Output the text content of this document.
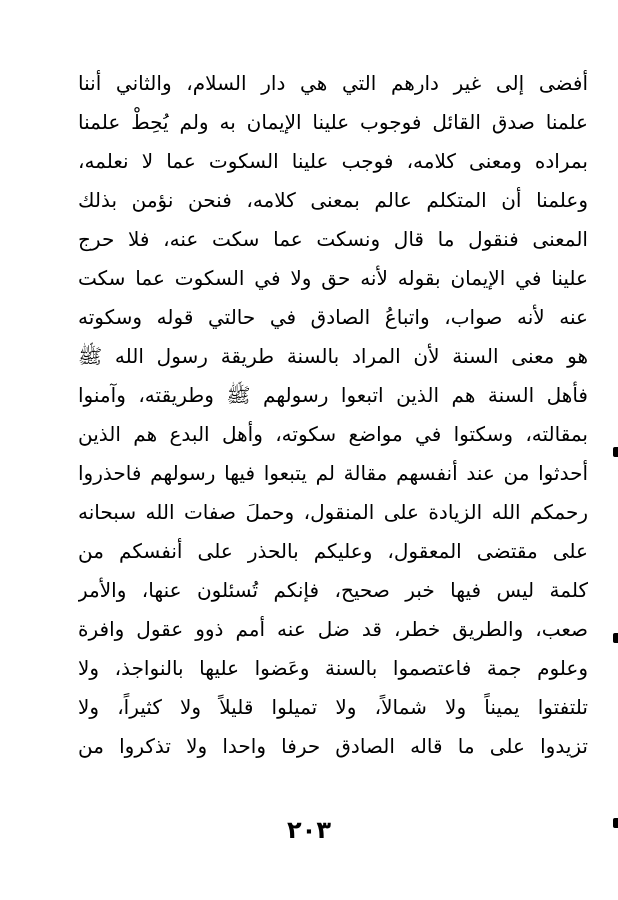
أفضى إلى غير دارهم التي هي دار السلام، والثاني أننا
علمنا صدق القائل فوجوب علينا الإيمان به ولم يُحِطْ علمنا
بمراده ومعنى كلامه، فوجب علينا السكوت عما لا نعلمه،
وعلمنا أن المتكلم عالم بمعنى كلامه، فنحن نؤمن بذلك
المعنى فنقول ما قال ونسكت عما سكت عنه، فلا حرج
علينا في الإيمان بقوله لأنه حق ولا في السكوت عما سكت
عنه لأنه صواب، واتباعُ الصادق في حالتي قوله وسكوته
هو معنى السنة لأن المراد بالسنة طريقة رسول الله ﷺ
فأهل السنة هم الذين اتبعوا رسولهم ﷺ وطريقته، وآمنوا
بمقالته، وسكتوا في مواضع سكوته، وأهل البدع هم الذين
أحدثوا من عند أنفسهم مقالة لم يتبعوا فيها رسولهم فاحذروا
رحمكم الله الزيادة على المنقول، وحملَ صفات الله سبحانه
على مقتضى المعقول، وعليكم بالحذر على أنفسكم من
كلمة ليس فيها خبر صحيح، فإنكم تُسئلون عنها، والأمر
صعب، والطريق خطر، قد ضل عنه أمم ذوو عقول وافرة
وعلوم جمة فاعتصموا بالسنة وعَضوا عليها بالنواجذ، ولا
تلتفتوا يميناً ولا شمالاً، ولا تميلوا قليلاً ولا كثيراً، ولا
تزيدوا على ما قاله الصادق حرفا واحدا ولا تذكروا من
٢٠٣
